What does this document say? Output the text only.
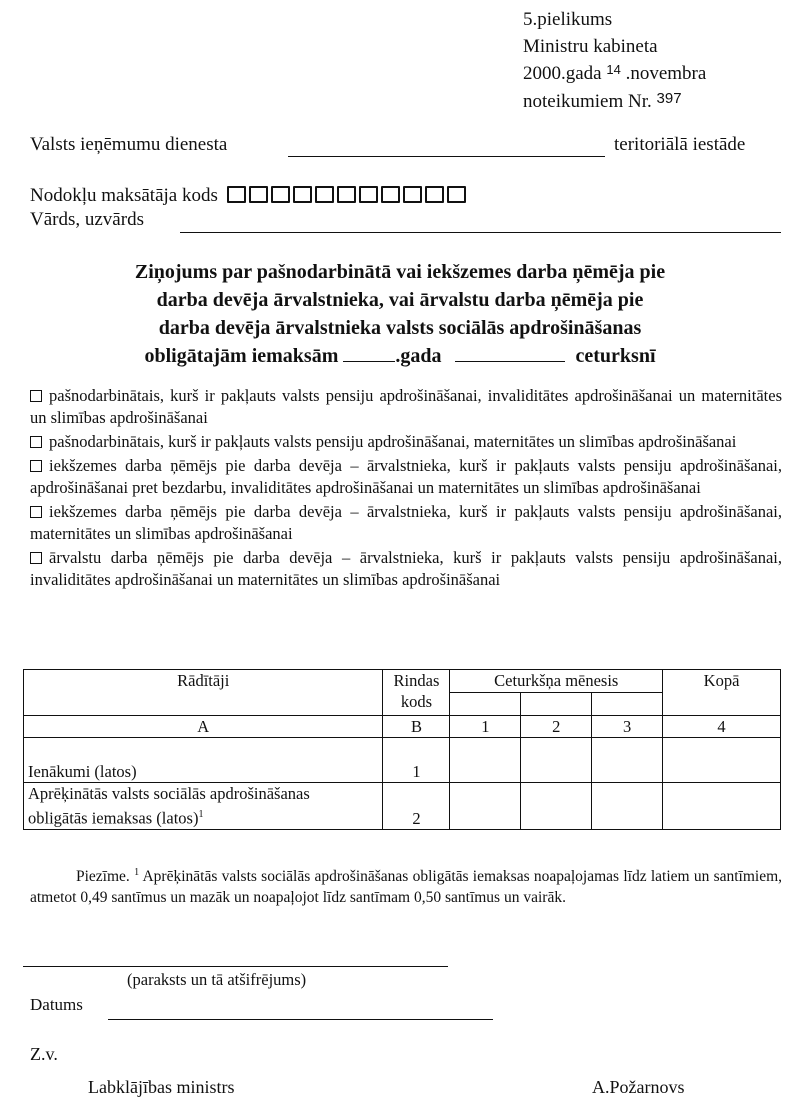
5.pielikums
Ministru kabineta
2000.gada $^{14}$ .novembra
noteikumiem Nr. $^{397}$
Valsts ieņēmumu dienesta	teritoriālā iestāde
Nodokļu maksātāja kods
Vārds, uzvārds
Ziņojums par pašnodarbinātā vai iekšzemes darba ņēmēja pie
darba devēja ārvalstnieka, vai ārvalstu darba ņēmēja pie
darba devēja ārvalstnieka valsts sociālās apdrošināšanas
obligātajām iemaksām	.gada	ceturksnī

pašnodarbinātais, kurš ir pakļauts valsts pensiju apdrošināšanai, invaliditātes apdrošināšanai un maternitātes un slimības apdrošināšanai

pašnodarbinātais, kurš ir pakļauts valsts pensiju apdrošināšanai, maternitātes un slimības apdrošināšanai

iekšzemes darba ņēmējs pie darba devēja – ārvalstnieka, kurš ir pakļauts valsts pensiju apdrošināšanai, apdrošināšanai pret bezdarbu, invaliditātes apdrošināšanai un maternitātes un slimības apdrošināšanai

iekšzemes darba ņēmējs pie darba devēja – ārvalstnieka, kurš ir pakļauts valsts pensiju apdrošināšanai, maternitātes un slimības apdrošināšanai

ārvalstu darba ņēmējs pie darba devēja – ārvalstnieka, kurš ir pakļauts valsts pensiju apdrošināšanai, invaliditātes apdrošināšanai un maternitātes un slimības apdrošināšanai

Rādītāji	Rindas
kods	Ceturkšņa mēnesis			Kopā

A	B	1	2	3	4
Ienākumi (latos)	1				
Aprēķinātās valsts sociālās apdrošināšanas
obligātās iemaksas (latos)$^1$	2				
Piezīme. $^1$ Aprēķinātās valsts sociālās apdrošināšanas obligātās iemaksas noapaļojamas līdz latiem un santīmiem, atmetot 0,49 santīmus un mazāk un noapaļojot līdz santīmam 0,50 santīmus un vairāk.
(paraksts un tā atšifrējums)
Datums
Z.v.
Labklājības ministrs	A.Požarnovs
